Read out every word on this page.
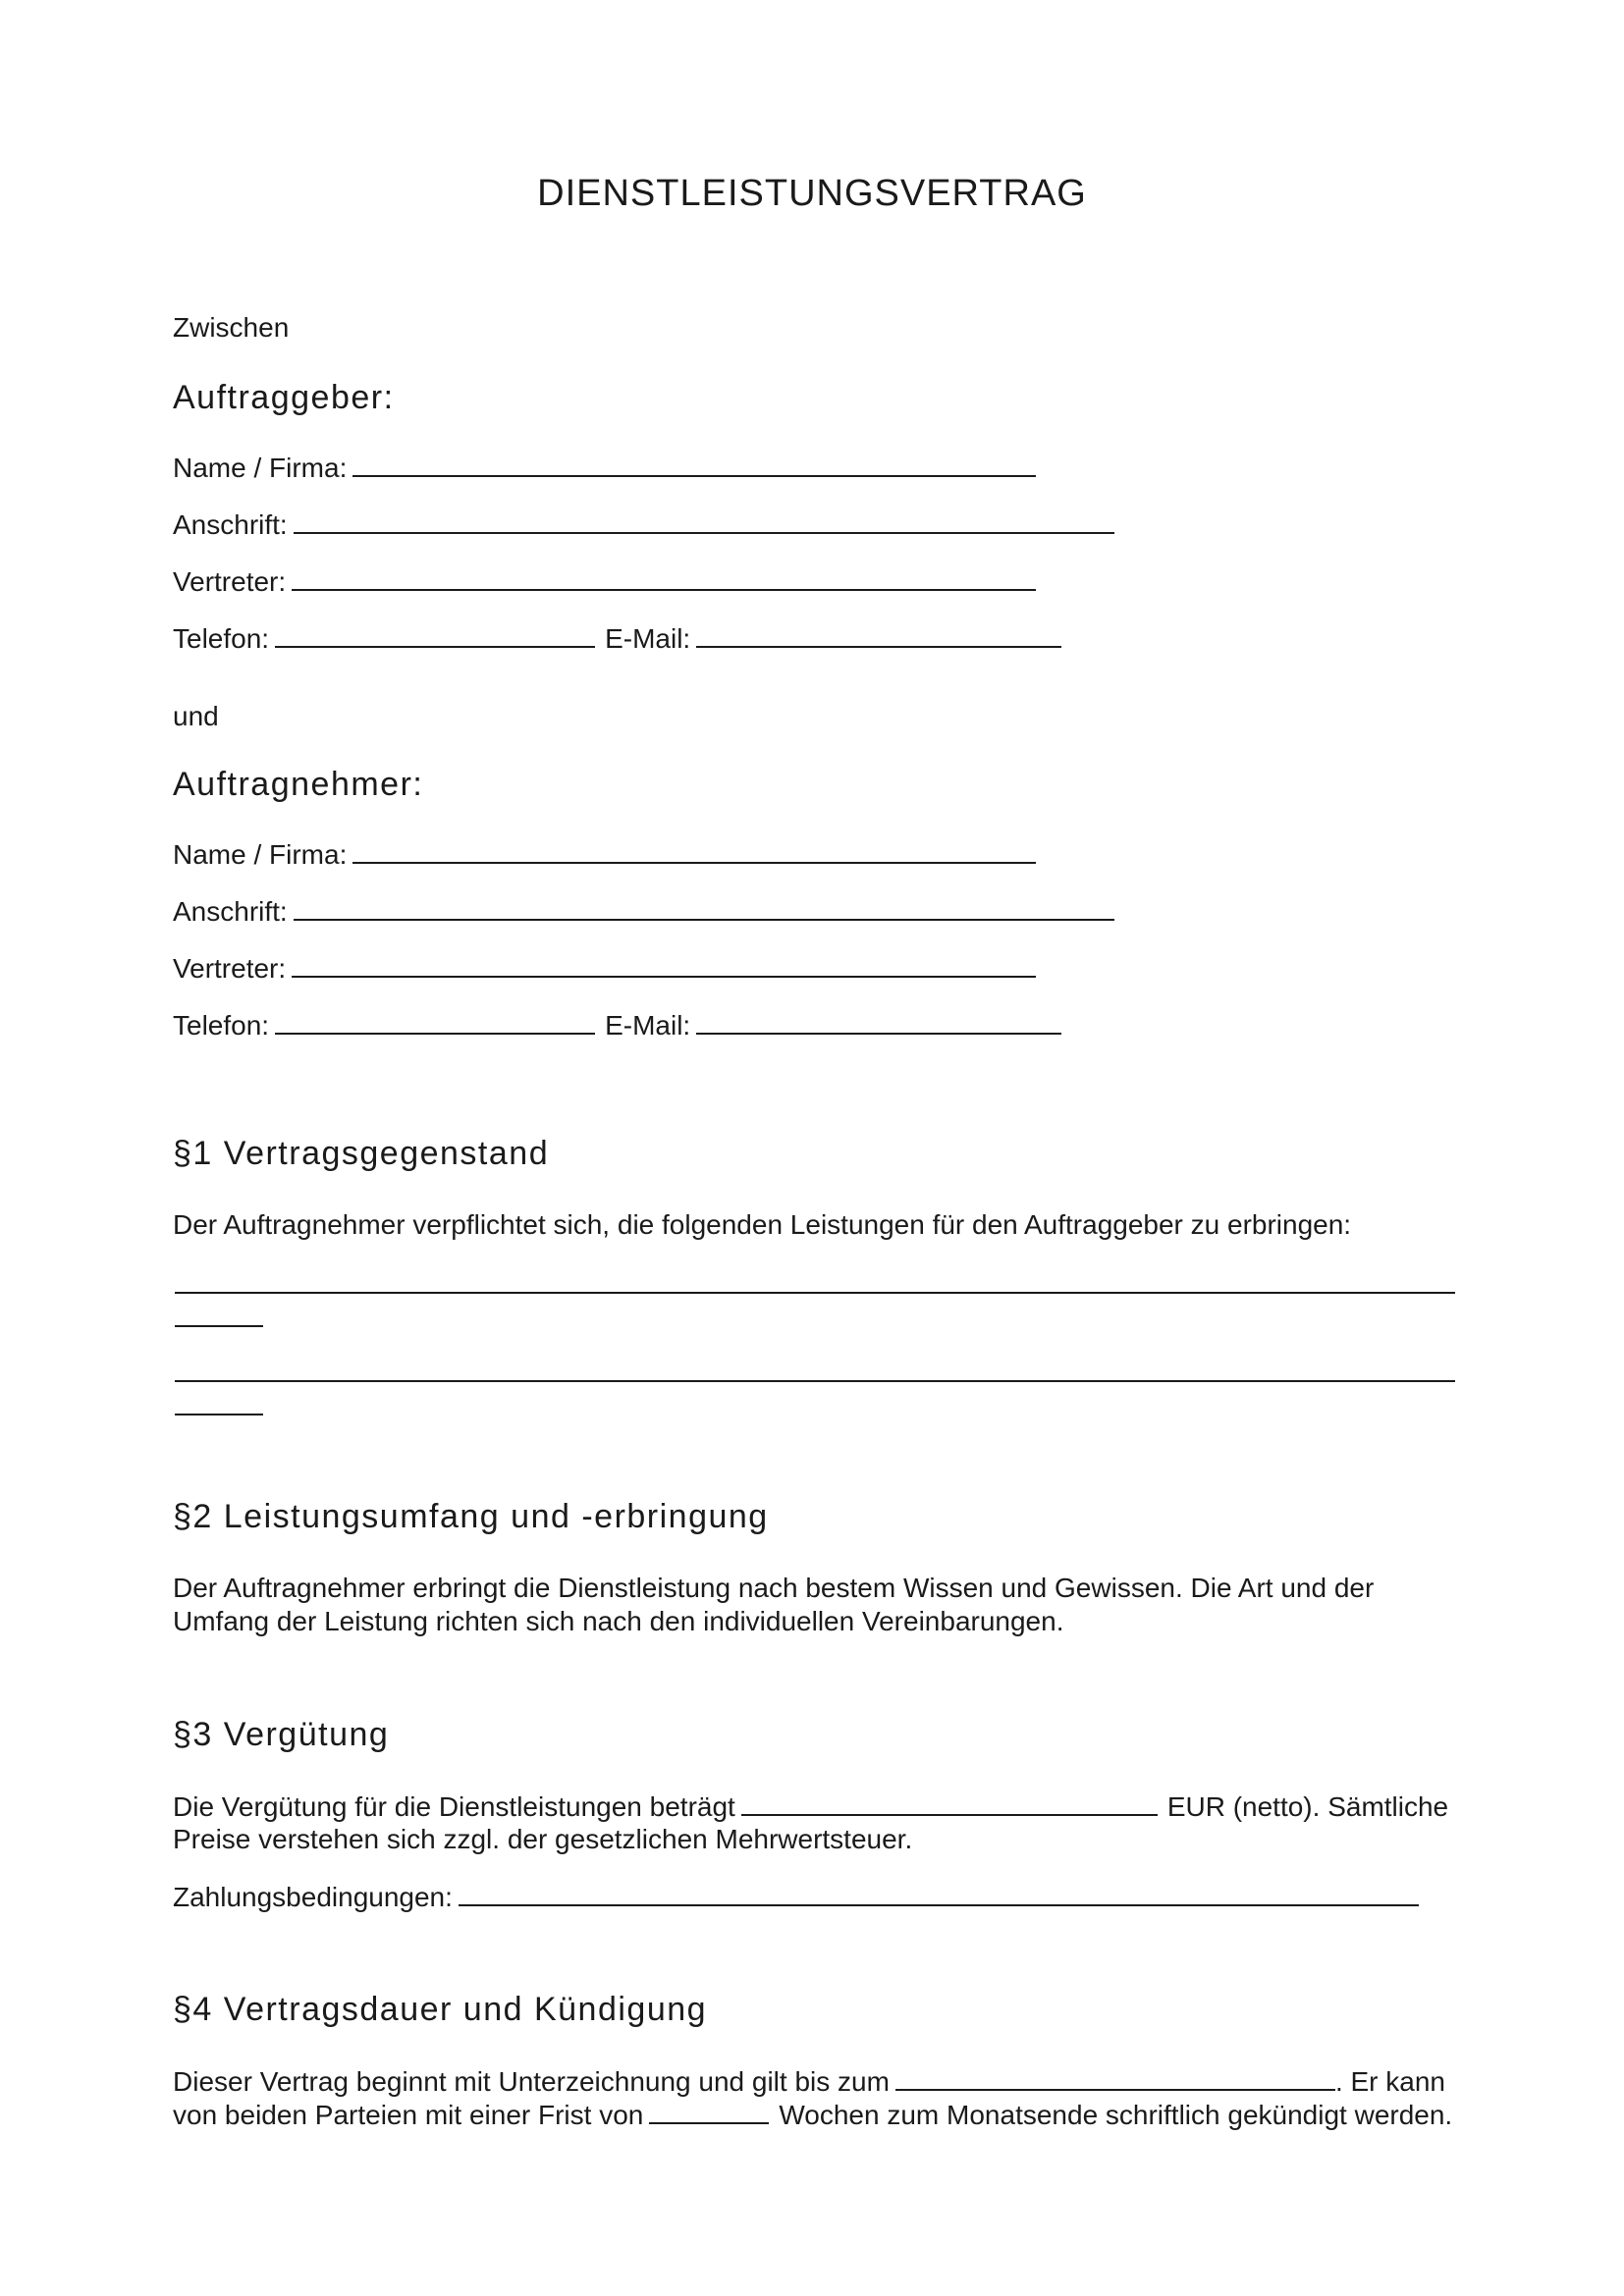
DIENSTLEISTUNGSVERTRAG
Zwischen
Auftraggeber:
Name / Firma:
Anschrift:
Vertreter:
Telefon:	E-Mail:
und
Auftragnehmer:
Name / Firma:
Anschrift:
Vertreter:
Telefon:	E-Mail:
§1 Vertragsgegenstand
Der Auftragnehmer verpflichtet sich, die folgenden Leistungen für den Auftraggeber zu erbringen:
§2 Leistungsumfang und -erbringung
Der Auftragnehmer erbringt die Dienstleistung nach bestem Wissen und Gewissen. Die Art und der
Umfang der Leistung richten sich nach den individuellen Vereinbarungen.
§3 Vergütung
Die Vergütung für die Dienstleistungen beträgt	EUR (netto). Sämtliche
Preise verstehen sich zzgl. der gesetzlichen Mehrwertsteuer.
Zahlungsbedingungen:
§4 Vertragsdauer und Kündigung
Dieser Vertrag beginnt mit Unterzeichnung und gilt bis zum	. Er kann
von beiden Parteien mit einer Frist von	Wochen zum Monatsende schriftlich gekündigt werden.
